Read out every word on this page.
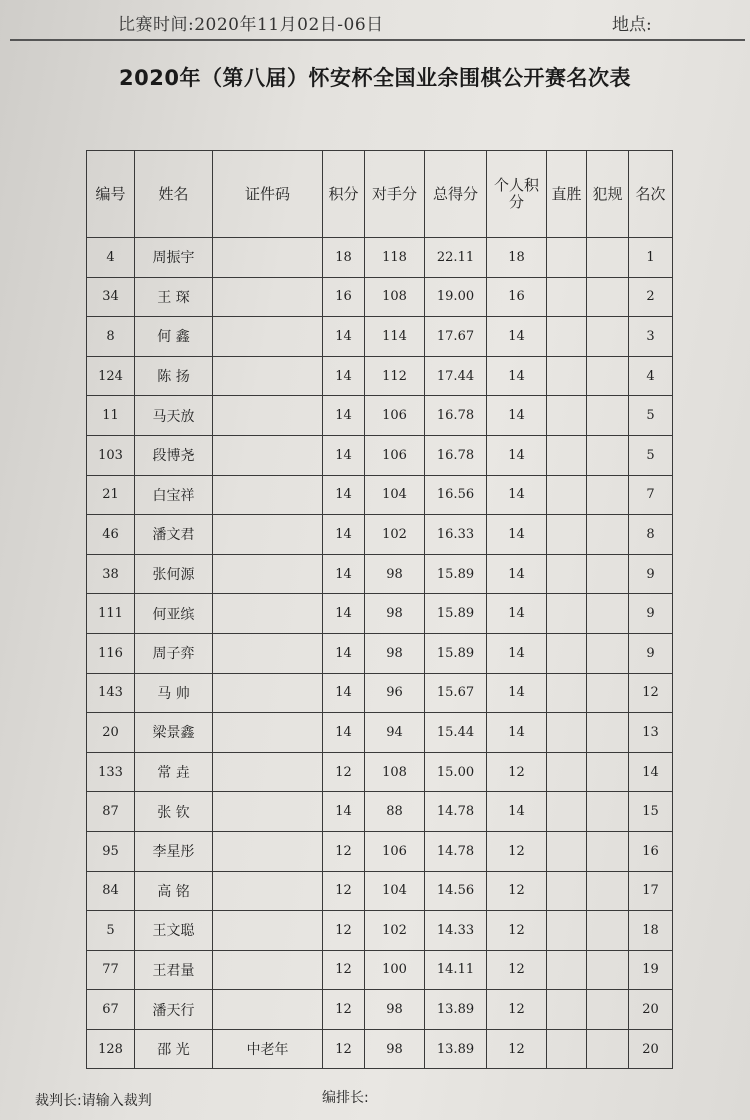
比赛时间:2020年11月02日-06日	地点:
2020年（第八届）怀安杯全国业余围棋公开赛名次表
编号	姓名	证件码	积分	对手分	总得分	个人积分	直胜	犯规	名次
4	周振宇		18	118	22.11	18			1
34	王 琛		16	108	19.00	16			2
8	何 鑫		14	114	17.67	14			3
124	陈 扬		14	112	17.44	14			4
11	马天放		14	106	16.78	14			5
103	段博尧		14	106	16.78	14			5
21	白宝祥		14	104	16.56	14			7
46	潘文君		14	102	16.33	14			8
38	张何源		14	98	15.89	14			9
111	何亚缤		14	98	15.89	14			9
116	周子弈		14	98	15.89	14			9
143	马 帅		14	96	15.67	14			12
20	梁景鑫		14	94	15.44	14			13
133	常 垚		12	108	15.00	12			14
87	张 钦		14	88	14.78	14			15
95	李星彤		12	106	14.78	12			16
84	高 铭		12	104	14.56	12			17
5	王文聪		12	102	14.33	12			18
77	王君量		12	100	14.11	12			19
67	潘天行		12	98	13.89	12			20
128	邵 光	中老年	12	98	13.89	12			20
裁判长:请输入裁判	编排长:
